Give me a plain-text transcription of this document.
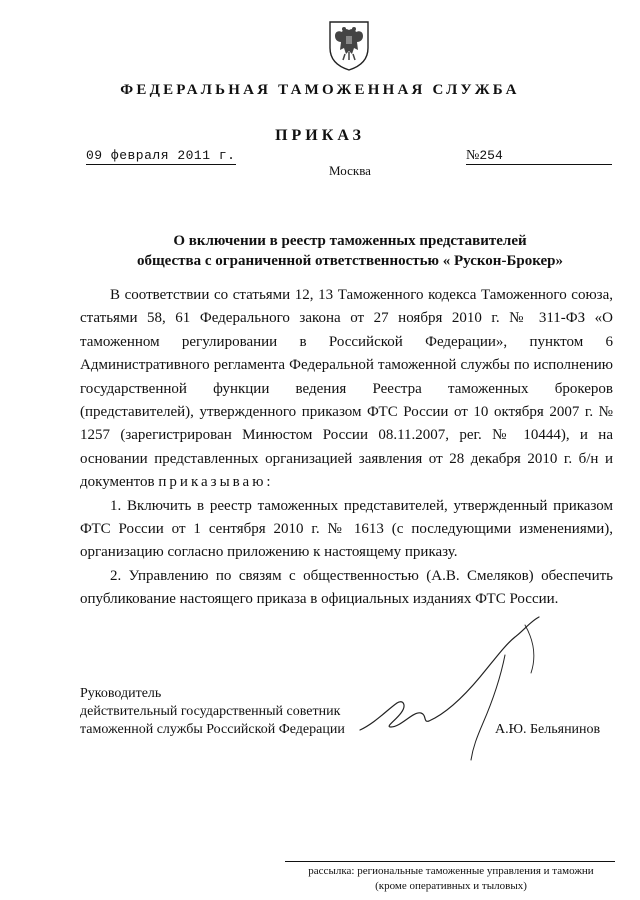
ФЕДЕРАЛЬНАЯ ТАМОЖЕННАЯ СЛУЖБА
ПРИКАЗ
09 февраля 2011 г.	№254
Москва
О включении в реестр таможенных представителей
общества с ограниченной ответственностью « Рускон-Брокер»

В соответствии со статьями 12, 13 Таможенного кодекса Таможенного союза, статьями 58, 61 Федерального закона от 27 ноября 2010 г. № 311-ФЗ «О таможенном регулировании в Российской Федерации», пунктом 6 Административного регламента Федеральной таможенной службы по исполнению государственной функции ведения Реестра таможенных брокеров (представителей), утвержденного приказом ФТС России от 10 октября 2007 г. № 1257 (зарегистрирован Минюстом России 08.11.2007, рег. № 10444), и на основании представленных организацией заявления от 28 декабря 2010 г. б/н и документов приказываю:

1. Включить в реестр таможенных представителей, утвержденный приказом ФТС России от 1 сентября 2010 г. № 1613 (с последующими изменениями), организацию согласно приложению к настоящему приказу.

2. Управлению по связям с общественностью (А.В. Смеляков) обеспечить опубликование настоящего приказа в официальных изданиях ФТС России.

Руководитель
действительный государственный советник
таможенной службы Российской Федерации	А.Ю. Бельянинов
рассылка: региональные таможенные управления и таможни
(кроме оперативных и тыловых)
